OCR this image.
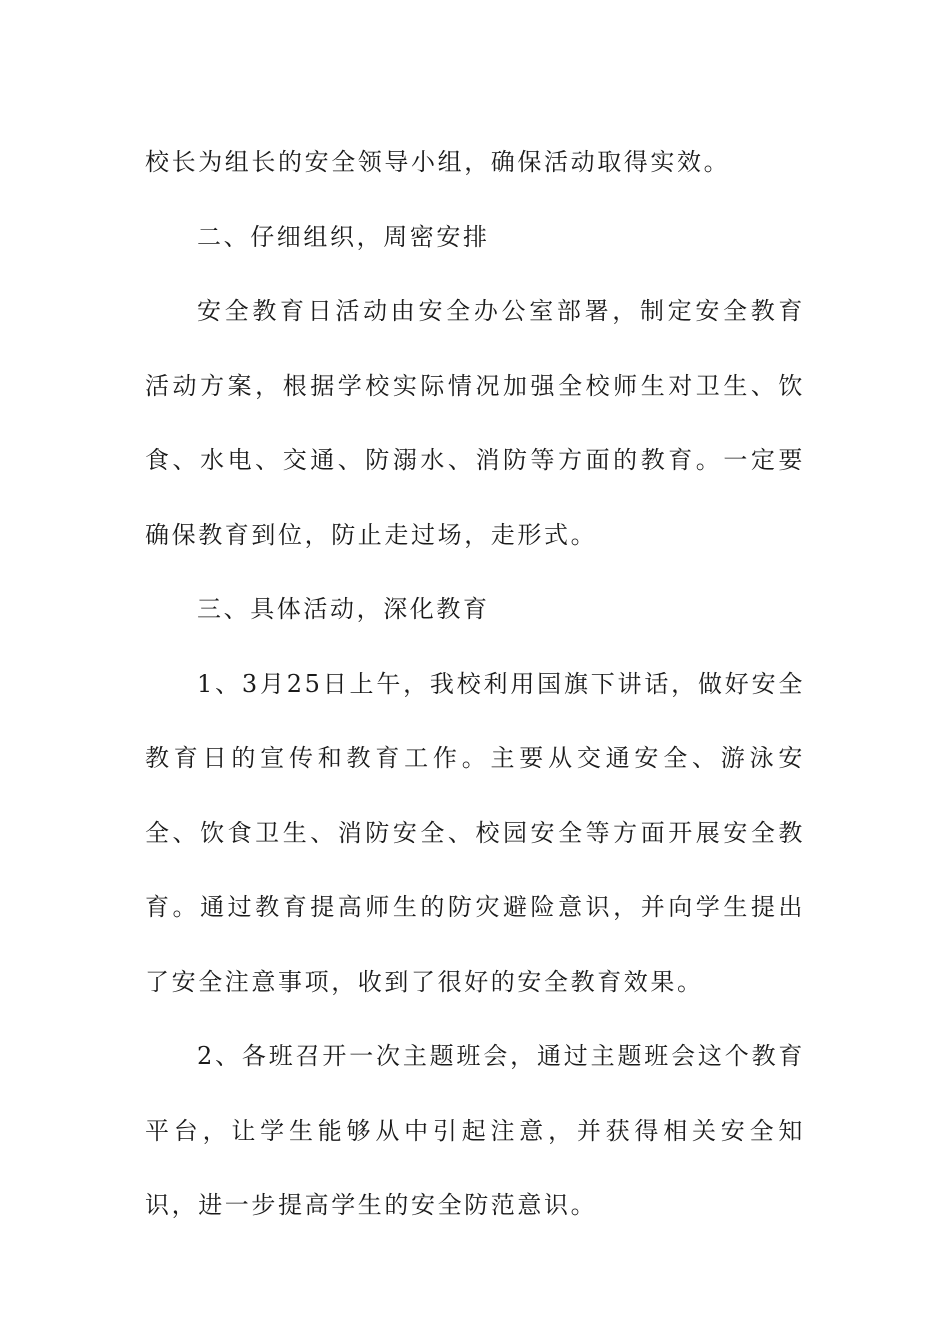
校长为组长的安全领导小组，确保活动取得实效。

二、仔细组织，周密安排

安全教育日活动由安全办公室部署，制定安全教育活动方案，根据学校实际情况加强全校师生对卫生、饮食、水电、交通、防溺水、消防等方面的教育。一定要确保教育到位，防止走过场，走形式。

三、具体活动，深化教育

1、3月25日上午，我校利用国旗下讲话，做好安全教育日的宣传和教育工作。主要从交通安全、游泳安全、饮食卫生、消防安全、校园安全等方面开展安全教育。通过教育提高师生的防灾避险意识，并向学生提出了安全注意事项，收到了很好的安全教育效果。

2、各班召开一次主题班会，通过主题班会这个教育平台，让学生能够从中引起注意，并获得相关安全知识，进一步提高学生的安全防范意识。
